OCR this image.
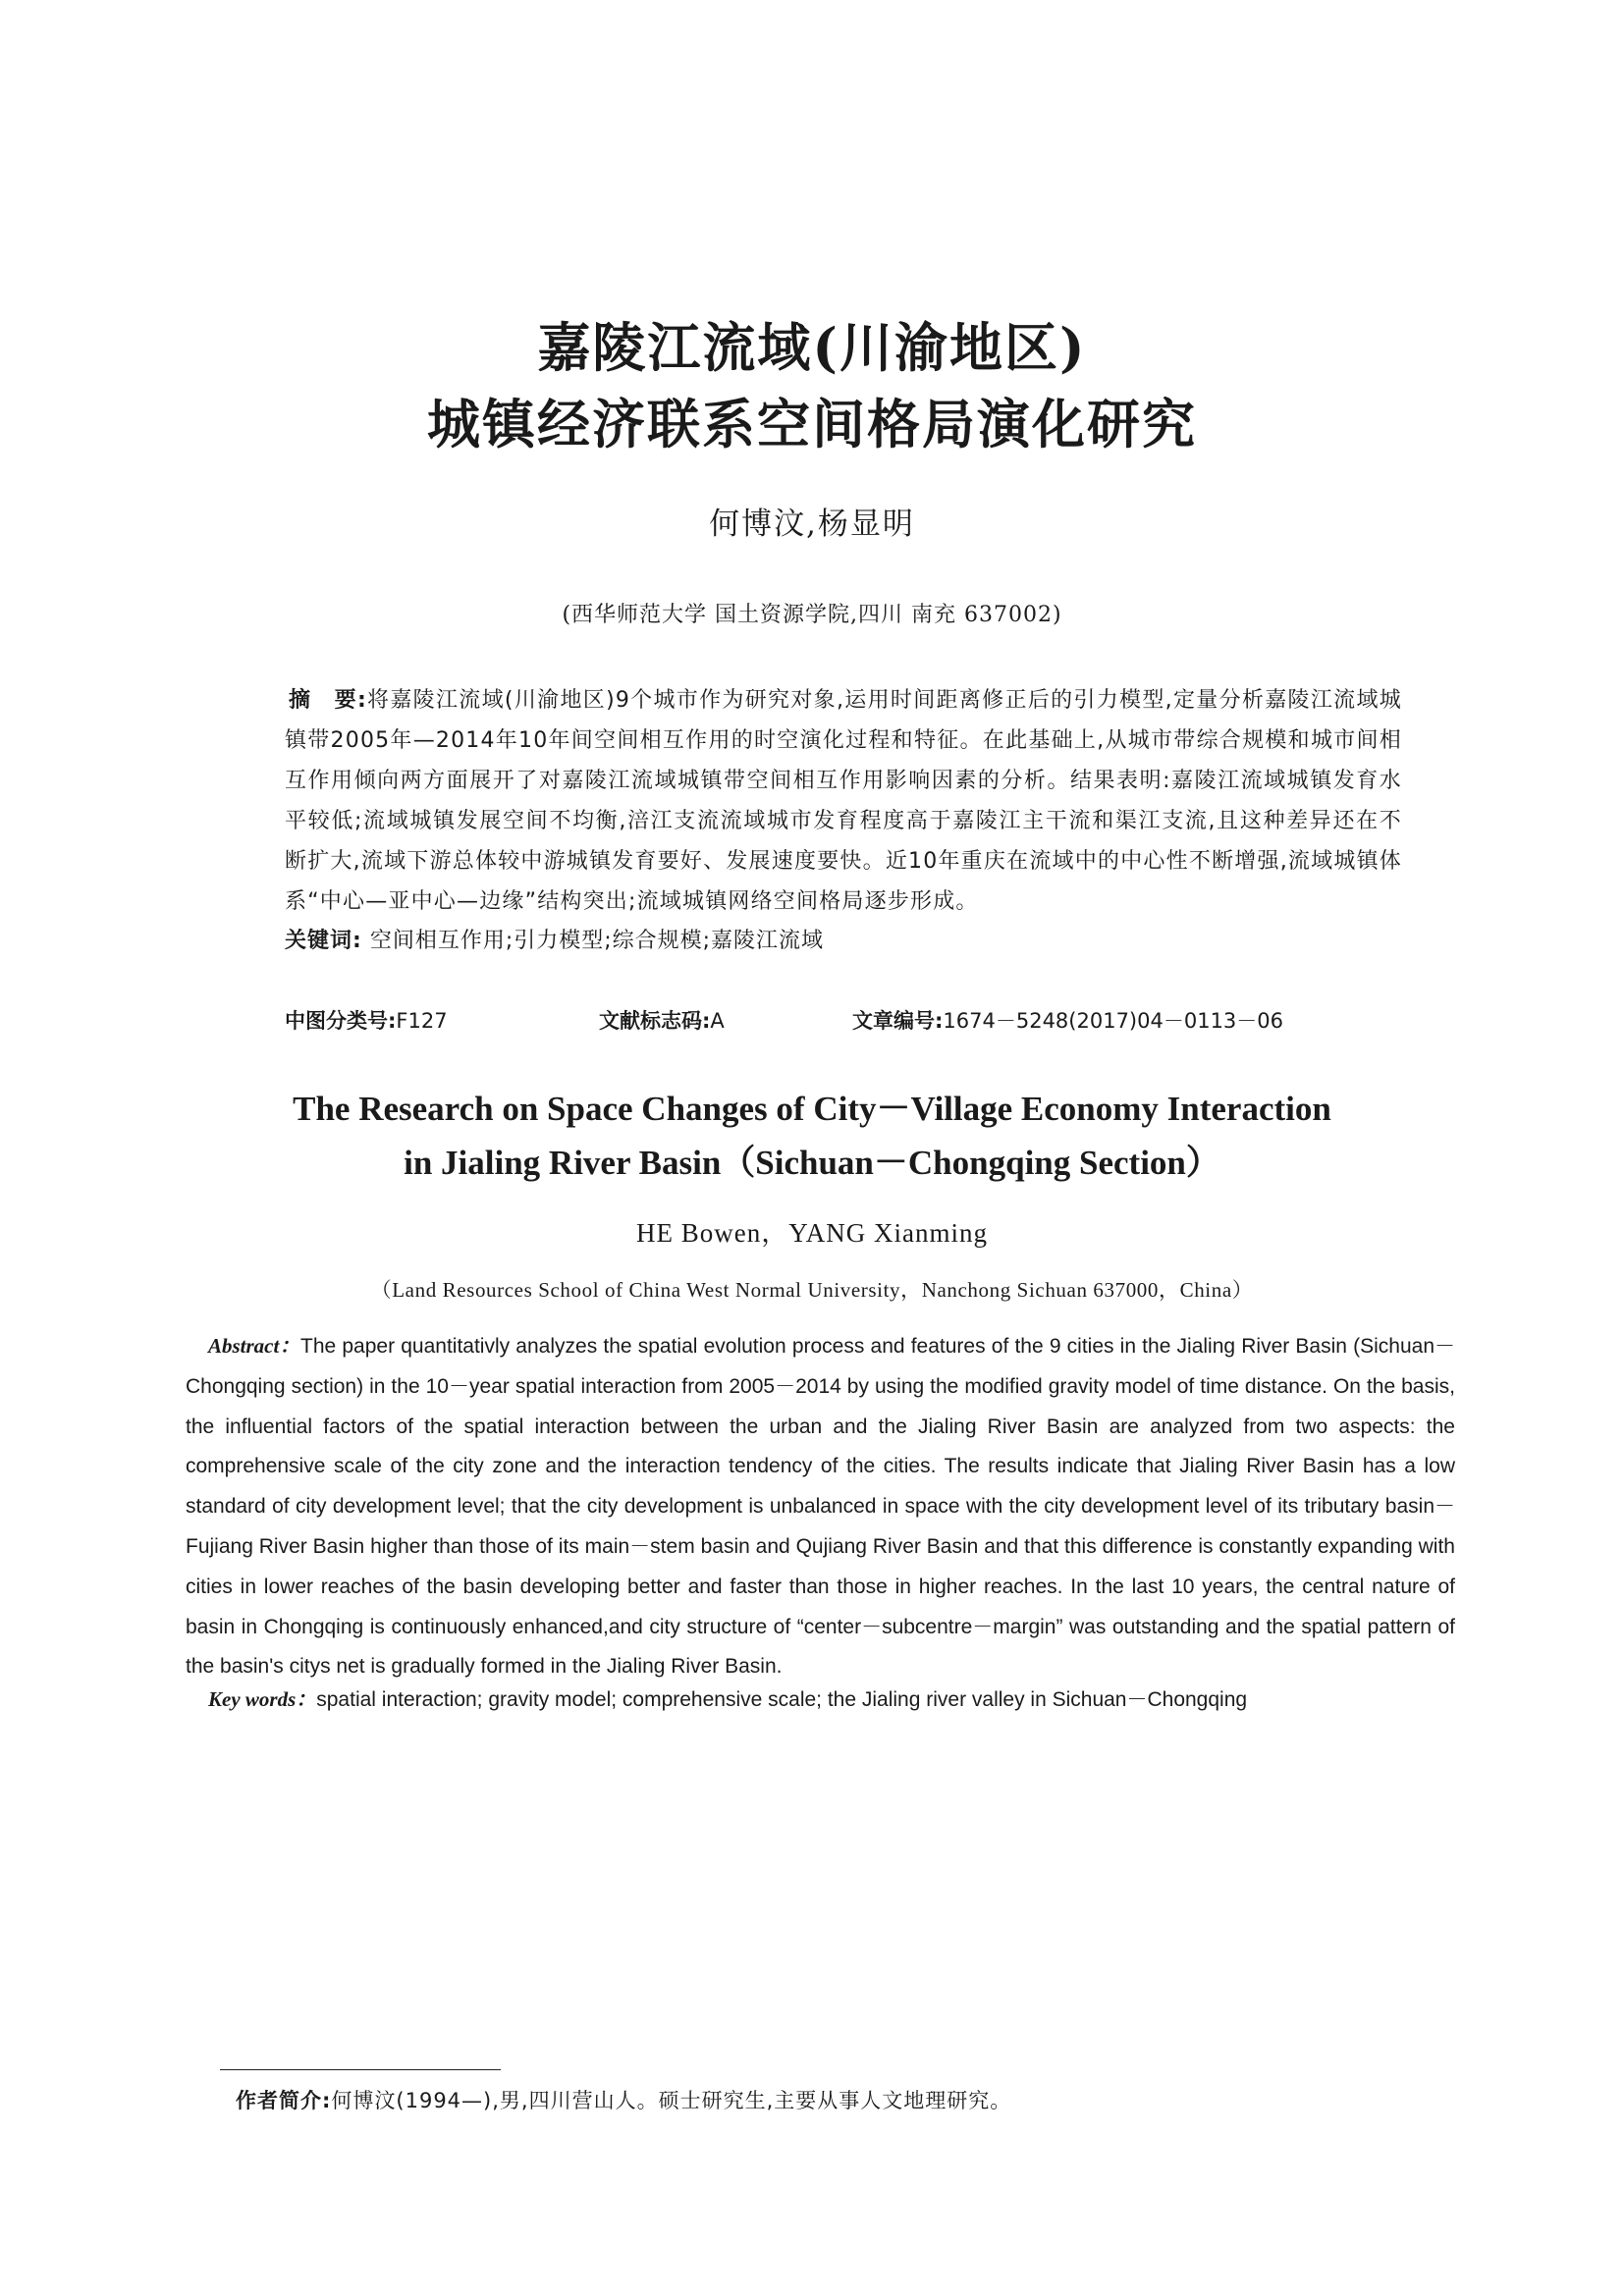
嘉陵江流域(川渝地区)
城镇经济联系空间格局演化研究
何博汶,杨显明
(西华师范大学 国土资源学院,四川 南充 637002)
摘　要:将嘉陵江流域(川渝地区)9个城市作为研究对象,运用时间距离修正后的引力模型,定量分析嘉陵江流域城镇带2005年—2014年10年间空间相互作用的时空演化过程和特征。在此基础上,从城市带综合规模和城市间相互作用倾向两方面展开了对嘉陵江流域城镇带空间相互作用影响因素的分析。结果表明:嘉陵江流域城镇发育水平较低;流域城镇发展空间不均衡,涪江支流流域城市发育程度高于嘉陵江主干流和渠江支流,且这种差异还在不断扩大,流域下游总体较中游城镇发育要好、发展速度要快。近10年重庆在流域中的中心性不断增强,流域城镇体系“中心—亚中心—边缘”结构突出;流域城镇网络空间格局逐步形成。
关键词: 空间相互作用;引力模型;综合规模;嘉陵江流域
中图分类号:F127	文献标志码:A	文章编号:1674－5248(2017)04－0113－06
The Research on Space Changes of City－Village Economy Interaction
in Jialing River Basin（Sichuan－Chongqing Section）
HE Bowen，YANG Xianming
（Land Resources School of China West Normal University，Nanchong Sichuan 637000，China）
Abstract：The paper quantitativly analyzes the spatial evolution process and features of the 9 cities in the Jialing River Basin (Sichuan－Chongqing section) in the 10－year spatial interaction from 2005－2014 by using the modified gravity model of time distance. On the basis, the influential factors of the spatial interaction between the urban and the Jialing River Basin are analyzed from two aspects: the comprehensive scale of the city zone and the interaction tendency of the cities. The results indicate that Jialing River Basin has a low standard of city development level; that the city development is unbalanced in space with the city development level of its tributary basin－Fujiang River Basin higher than those of its main－stem basin and Qujiang River Basin and that this difference is constantly expanding with cities in lower reaches of the basin developing better and faster than those in higher reaches. In the last 10 years, the central nature of basin in Chongqing is continuously enhanced,and city structure of “center－subcentre－margin” was outstanding and the spatial pattern of the basin's citys net is gradually formed in the Jialing River Basin.
Key words：spatial interaction; gravity model; comprehensive scale; the Jialing river valley in Sichuan－Chongqing
作者简介:何博汶(1994—),男,四川营山人。硕士研究生,主要从事人文地理研究。
